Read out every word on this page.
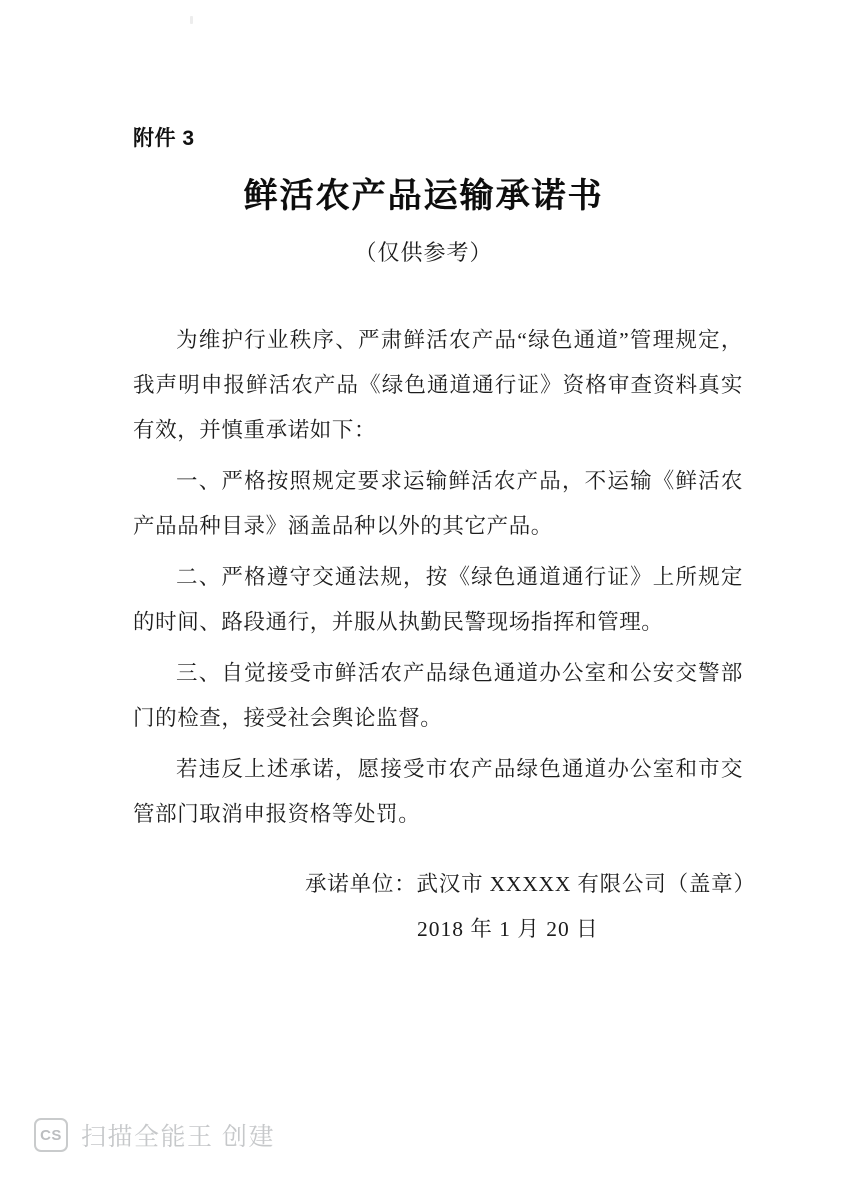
附件 3
鲜活农产品运输承诺书
（仅供参考）

为维护行业秩序、严肃鲜活农产品“绿色通道”管理规定，我声明申报鲜活农产品《绿色通道通行证》资格审查资料真实有效，并慎重承诺如下：

一、严格按照规定要求运输鲜活农产品，不运输《鲜活农产品品种目录》涵盖品种以外的其它产品。

二、严格遵守交通法规，按《绿色通道通行证》上所规定的时间、路段通行，并服从执勤民警现场指挥和管理。

三、自觉接受市鲜活农产品绿色通道办公室和公安交警部门的检查，接受社会舆论监督。

若违反上述承诺，愿接受市农产品绿色通道办公室和市交管部门取消申报资格等处罚。

承诺单位：武汉市 XXXXX 有限公司（盖章）
2018 年 1 月 20 日
CS 扫描全能王 创建
